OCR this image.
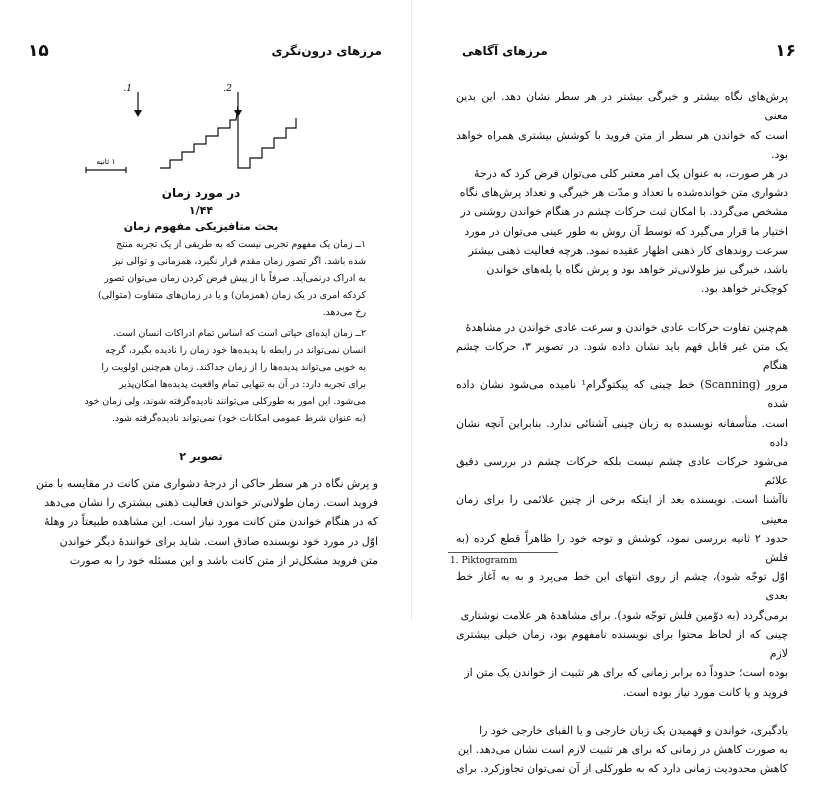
مرزهای درون‌نگری
۱۵
1.	2.
۱ ثانیه
در مورد زمان
۱/۴۴
بحث متافیزیکی مفهوم زمان
۱ــ زمان یک مفهوم تجربی نیست که به طریقی از یک تجربه منتج
شده باشد. اگر تصور زمان مقدم قرار نگیرد، همزمانی و توالی نیز
به ادراک درنمی‌آید. صرفاً با از پیش فرض کردن زمان می‌توان تصور
کردکه امری در یک زمان (همزمان) و یا در زمان‌های متفاوت (متوالی)
رخ می‌دهد.
۲ــ زمان ایده‌ای حیاتی است که اساس تمام ادراکات انسان است.
انسان نمی‌تواند در رابطه با پدیده‌ها خود زمان را نادیده بگیرد، گرچه
به خوبی می‌تواند پدیده‌ها را از زمان جداکند. زمان هم‌چنین اولویت را
برای تجربه دارد: در آن به تنهایی تمام واقعیت پدیده‌ها امکان‌پذیر
می‌شود. این امور به طورکلی می‌توانند نادیده‌گرفته شوند، ولی زمان خود
(به عنوان شرط عمومی امکانات خود) نمی‌تواند نادیده‌گرفته شود.
تصویر ۲
و پرش نگاه در هر سطر حاکی از درجهٔ دشواری متن کانت در مقایسه با متن
فروید است. زمان طولانی‌تر خواندن فعالیت ذهنی بیشتری را نشان می‌دهد
که در هنگام خواندن متن کانت مورد نیاز است. این مشاهده طبیعتاً در وهلهٔ
اوّل در مورد خود نویسنده صادق است. شاید برای خوانندهٔ دیگر خواندن
متن فروید مشکل‌تر از متن کانت باشد و این مسئله خود را به صورت
۱۶
مرزهای آگاهی

پرش‌های نگاه بیشتر و خیرگی بیشتر در هر سطر نشان دهد. این بدین معنی
است که خواندن هر سطر از متن فروید با کوشش بیشتری همراه خواهد بود.
در هر صورت، به عنوان یک امر معتبر کلی می‌توان فرض کرد که درجهٔ
دشواری متن خوانده‌شده با تعداد و مدّت هر خیرگی و تعداد پرش‌های نگاه
مشخص می‌گردد. با امکان ثبت حرکات چشم در هنگام خواندن روشنی در
اختیار ما قرار می‌گیرد که توسط آن روش به طور عینی می‌توان در مورد
سرعت روندهای کار ذهنی اظهار عقیده نمود. هرچه فعالیت ذهنی بیشتر
باشد، خیرگی نیز طولانی‌تر خواهد بود و پرش نگاه یا پله‌های خواندن
کوچک‌تر خواهد بود.

هم‌چنین تفاوت حرکات عادی خواندن و سرعت عادی خواندن در مشاهدهٔ
یک متن غیر قابل فهم باید نشان داده شود. در تصویر ۳، حرکات چشم هنگام
مرور (Scanning) خط چینی که پیکتوگرام¹ نامیده می‌شود نشان داده شده
است. متأسفانه نویسنده به زبان چینی آشنائی ندارد. بنابراین آنچه نشان داده
می‌شود حرکات عادی چشم نیست بلکه حرکات چشم در بررسی دقیق علائم
ناآشنا است. نویسنده بعد از اینکه برخی از چنین علائمی را برای زمان معینی
حدود ۲ ثانیه بررسی نمود، کوشش و توجه خود را ظاهراً قطع کرده (به فلش
اوّل توجّه شود)، چشم از روی انتهای این خط می‌پرد و به به آغاز خط بعدی
برمی‌گردد (به دوّمین فلش توجّه شود). برای مشاهدهٔ هر علامت نوشتاری
چینی که از لحاظ محتوا برای نویسنده نامفهوم بود، زمان خیلی بیشتری لازم
بوده است؛ حدوداً ده برابر زمانی که برای هر تثبیت از خواندن یک متن از
فروید و یا کانت مورد نیاز بوده است.

یادگیری، خواندن و فهمیدن یک زبان خارجی و یا الفبای خارجی خود را
به صورت کاهش در زمانی که برای هر تثبیت لازم است نشان می‌دهد. این
کاهش محدودیت زمانی دارد که به طورکلی از آن نمی‌توان تجاوزکرد. برای

1. Piktogramm
